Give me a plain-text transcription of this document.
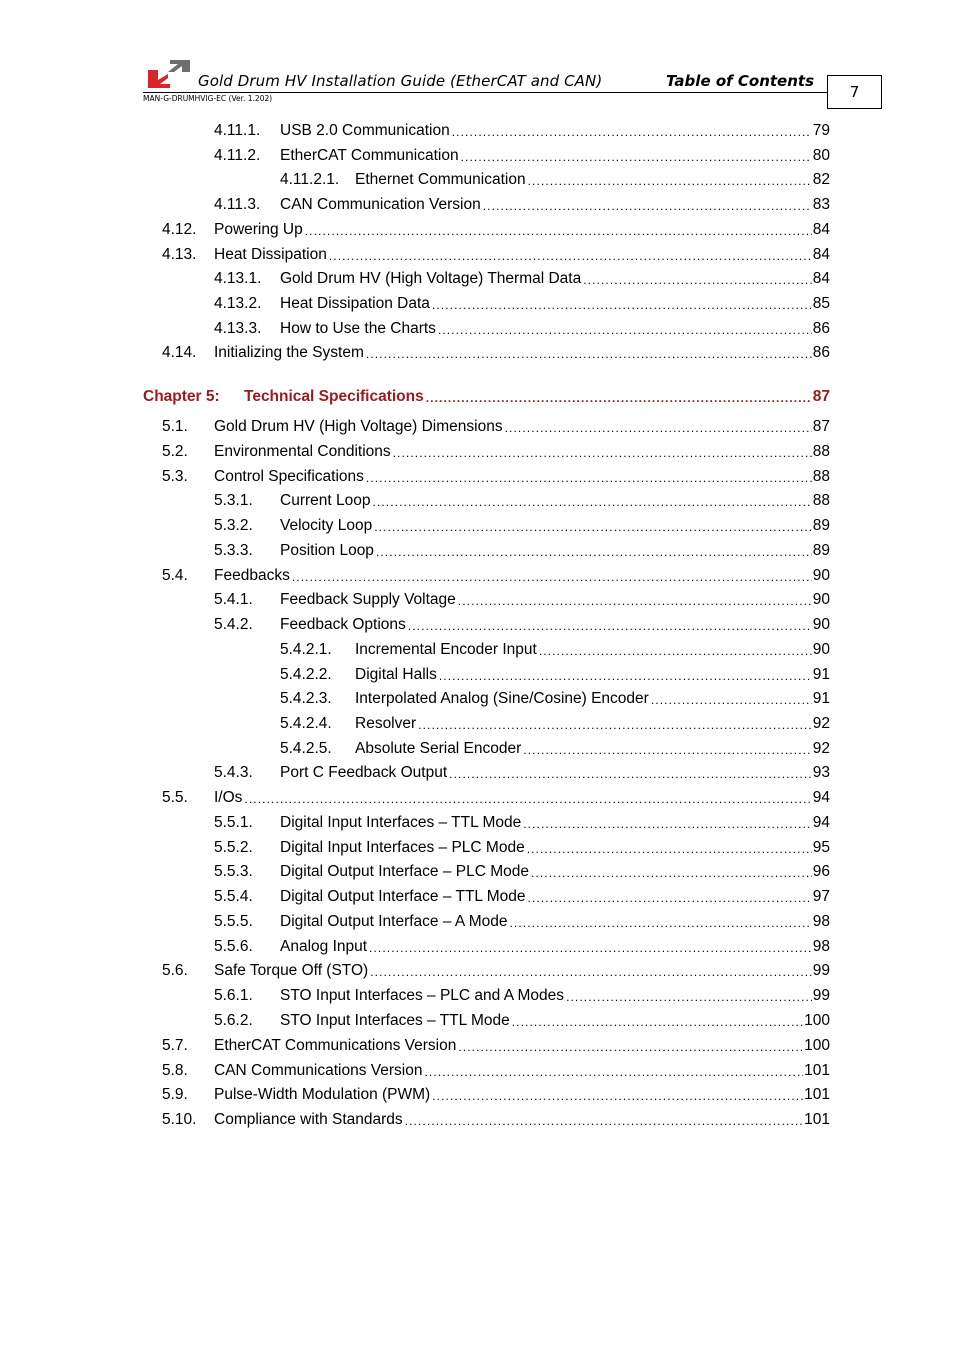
Gold Drum HV Installation Guide (EtherCAT and CAN)	Table of Contents
MAN-G-DRUMHVIG-EC (Ver. 1.202)	7
4.11.1. USB 2.0 Communication .....	79
4.11.2. EtherCAT Communication .....	80
4.11.2.1. Ethernet Communication .....	82
4.11.3. CAN Communication Version .....	83
4.12. Powering Up .....	84
4.13. Heat Dissipation .....	84
4.13.1. Gold Drum HV (High Voltage) Thermal Data .....	84
4.13.2. Heat Dissipation Data .....	85
4.13.3. How to Use the Charts .....	86
4.14. Initializing the System .....	86
Chapter 5: Technical Specifications .....	87
5.1. Gold Drum HV (High Voltage) Dimensions .....	87
5.2. Environmental Conditions .....	88
5.3. Control Specifications .....	88
5.3.1. Current Loop .....	88
5.3.2. Velocity Loop .....	89
5.3.3. Position Loop .....	89
5.4. Feedbacks .....	90
5.4.1. Feedback Supply Voltage .....	90
5.4.2. Feedback Options .....	90
5.4.2.1. Incremental Encoder Input .....	90
5.4.2.2. Digital Halls .....	91
5.4.2.3. Interpolated Analog (Sine/Cosine) Encoder .....	91
5.4.2.4. Resolver .....	92
5.4.2.5. Absolute Serial Encoder .....	92
5.4.3. Port C Feedback Output .....	93
5.5. I/Os .....	94
5.5.1. Digital Input Interfaces – TTL Mode .....	94
5.5.2. Digital Input Interfaces – PLC Mode .....	95
5.5.3. Digital Output Interface – PLC Mode .....	96
5.5.4. Digital Output Interface – TTL Mode .....	97
5.5.5. Digital Output Interface – A Mode .....	98
5.5.6. Analog Input .....	98
5.6. Safe Torque Off (STO) .....	99
5.6.1. STO Input Interfaces – PLC and A Modes .....	99
5.6.2. STO Input Interfaces – TTL Mode .....	100
5.7. EtherCAT Communications Version .....	100
5.8. CAN Communications Version .....	101
5.9. Pulse-Width Modulation (PWM) .....	101
5.10. Compliance with Standards .....	101
